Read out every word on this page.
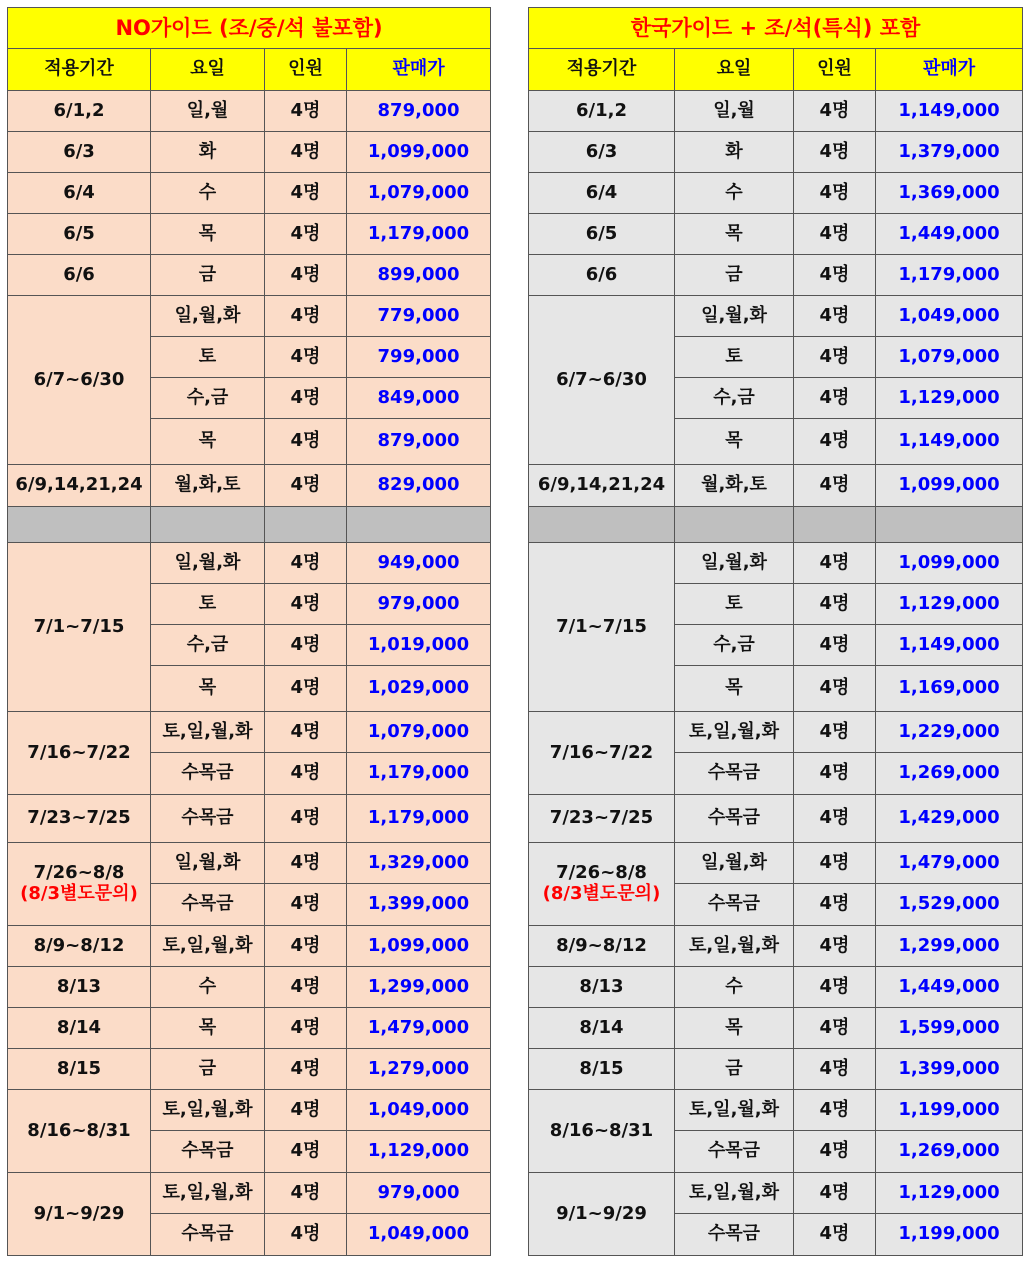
NO가이드 (조/중/석 불포함)			
적용기간	요일	인원	판매가
6/1,2	일,월	4명	879,000
6/3	화	4명	1,099,000
6/4	수	4명	1,079,000
6/5	목	4명	1,179,000
6/6	금	4명	899,000
6/7~6/30	일,월,화	4명	779,000
	토	4명	799,000
	수,금	4명	849,000
	목	4명	879,000
6/9,14,21,24	월,화,토	4명	829,000

7/1~7/15	일,월,화	4명	949,000
	토	4명	979,000
	수,금	4명	1,019,000
	목	4명	1,029,000
7/16~7/22	토,일,월,화	4명	1,079,000
	수목금	4명	1,179,000
7/23~7/25	수목금	4명	1,179,000

7/26~8/8
(8/3별도문의)	일,월,화	4명	1,329,000
	수목금	4명	1,399,000
8/9~8/12	토,일,월,화	4명	1,099,000
8/13	수	4명	1,299,000
8/14	목	4명	1,479,000
8/15	금	4명	1,279,000
8/16~8/31	토,일,월,화	4명	1,049,000
	수목금	4명	1,129,000
9/1~9/29	토,일,월,화	4명	979,000
	수목금	4명	1,049,000
한국가이드 + 조/석(특식) 포함			
적용기간	요일	인원	판매가
6/1,2	일,월	4명	1,149,000
6/3	화	4명	1,379,000
6/4	수	4명	1,369,000
6/5	목	4명	1,449,000
6/6	금	4명	1,179,000
6/7~6/30	일,월,화	4명	1,049,000
	토	4명	1,079,000
	수,금	4명	1,129,000
	목	4명	1,149,000
6/9,14,21,24	월,화,토	4명	1,099,000

7/1~7/15	일,월,화	4명	1,099,000
	토	4명	1,129,000
	수,금	4명	1,149,000
	목	4명	1,169,000
7/16~7/22	토,일,월,화	4명	1,229,000
	수목금	4명	1,269,000
7/23~7/25	수목금	4명	1,429,000

7/26~8/8
(8/3별도문의)	일,월,화	4명	1,479,000
	수목금	4명	1,529,000
8/9~8/12	토,일,월,화	4명	1,299,000
8/13	수	4명	1,449,000
8/14	목	4명	1,599,000
8/15	금	4명	1,399,000
8/16~8/31	토,일,월,화	4명	1,199,000
	수목금	4명	1,269,000
9/1~9/29	토,일,월,화	4명	1,129,000
	수목금	4명	1,199,000
